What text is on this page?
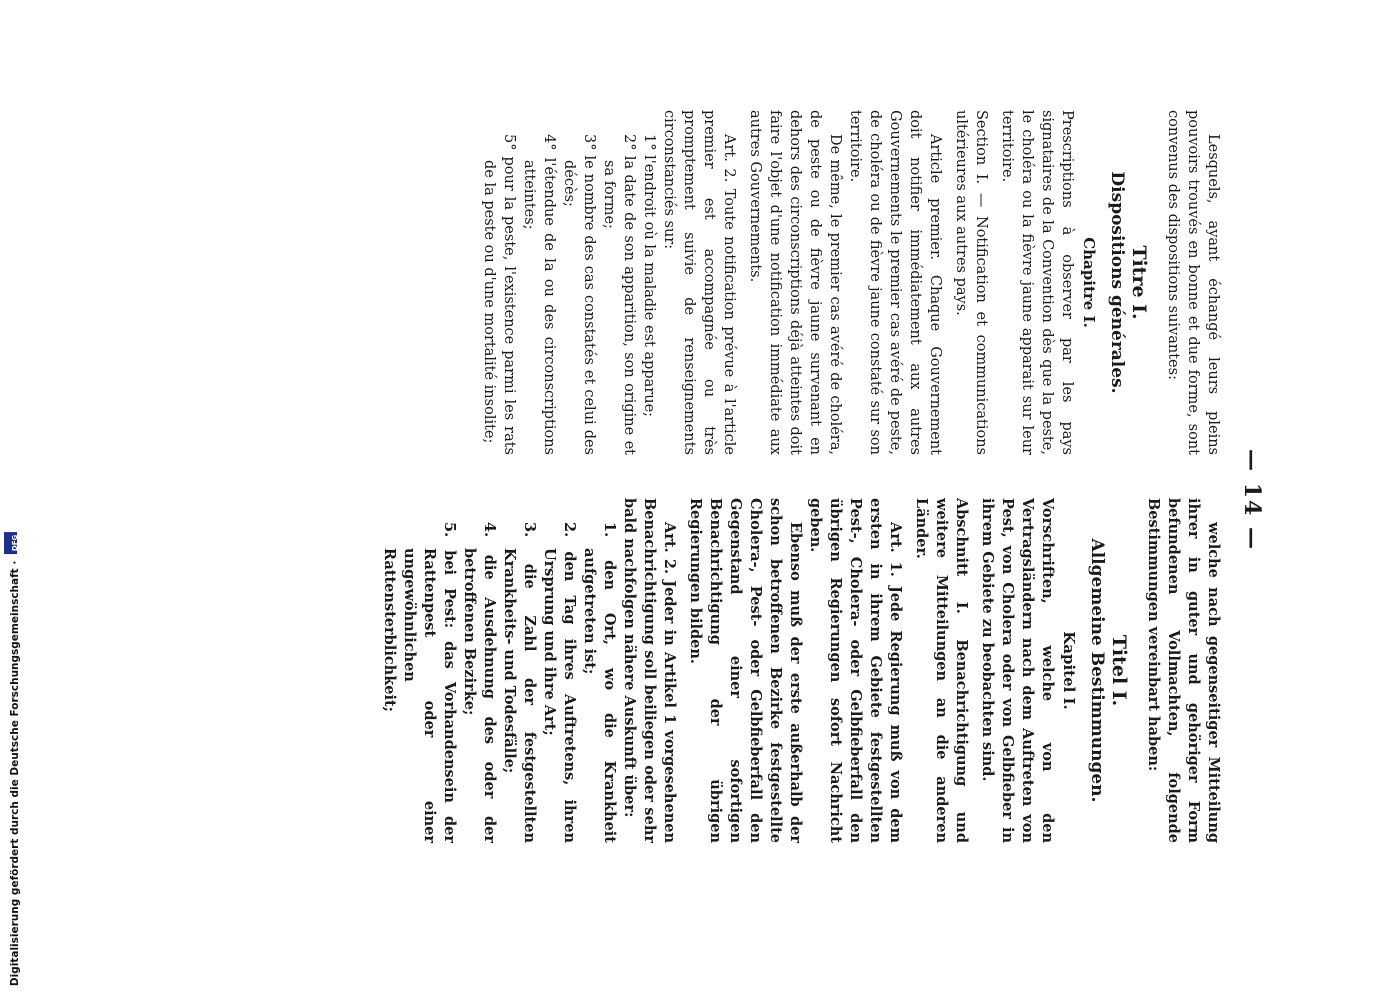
— 14 —

Lesquels, ayant échangé leurs pleins pouvoirs trouvés en bonne et due forme, sont convenus des dispositions suivantes:

Titre I.

Dispositions générales.

Chapitre I.

Prescriptions à observer par les pays signataires de la Convention dès que la peste, le choléra ou la fièvre jaune apparait sur leur territoire.

Section I. — Notification et communications ultérieures aux autres pays.

Article premier. Chaque Gouvernement doit notifier immédiatement aux autres Gouvernements le premier cas avéré de peste, de choléra ou de fièvre jaune constaté sur son territoire.

De même, le premier cas avéré de choléra, de peste ou de fièvre jaune survenant en dehors des circonscriptions déjà atteintes doit faire l'objet d'une notification immédiate aux autres Gouvernements.

Art. 2. Toute notification prévue à l'article premier est accompagnée ou très promptement suivie de renseignements circonstanciés sur:

1° l'endroit où la maladie est apparue;
2° la date de son apparition, son origine et sa forme;
3° le nombre des cas constatés et celui des décès;
4° l'étendue de la ou des circonscriptions atteintes;
5° pour la peste, l'existence parmi les rats de la peste ou d'une mortalité insolite;

welche nach gegenseitiger Mitteilung ihrer in guter und gehöriger Form befundenen Vollmachten, folgende Bestimmungen vereinbart haben:

Titel I.

Allgemeine Bestimmungen.

Kapitel I.

Vorschriften, welche von den Vertragsländern nach dem Auftreten von Pest, von Cholera oder von Gelbfieber in ihrem Gebiete zu beobachten sind.

Abschnitt I. Benachrichtigung und weitere Mitteilungen an die anderen Länder.

Art. 1. Jede Regierung muß von dem ersten in ihrem Gebiete festgestellten Pest-, Cholera- oder Gelbfieberfall den übrigen Regierungen sofort Nachricht geben.

Ebenso muß der erste außerhalb der schon betroffenen Bezirke festgestellte Cholera-, Pest- oder Gelbfieberfall den Gegenstand einer sofortigen Benachrichtigung der übrigen Regierungen bilden.

Art. 2. Jeder in Artikel 1 vorgesehenen Benachrichtigung soll beiliegen oder sehr bald nachfolgen nähere Auskunft über:

1. den Ort, wo die Krankheit aufgetreten ist;
2. den Tag ihres Auftretens, ihren Ursprung und ihre Art;
3. die Zahl der festgestellten Krankheits- und Todesfälle;
4. die Ausdehnung des oder der betroffenen Bezirke;
5. bei Pest: das Vorhandensein der Rattenpest oder einer ungewöhnlichen Rattensterblichkeit;
Digitalisierung gefördert durch die Deutsche Forschungsgemeinschaft · DFG
